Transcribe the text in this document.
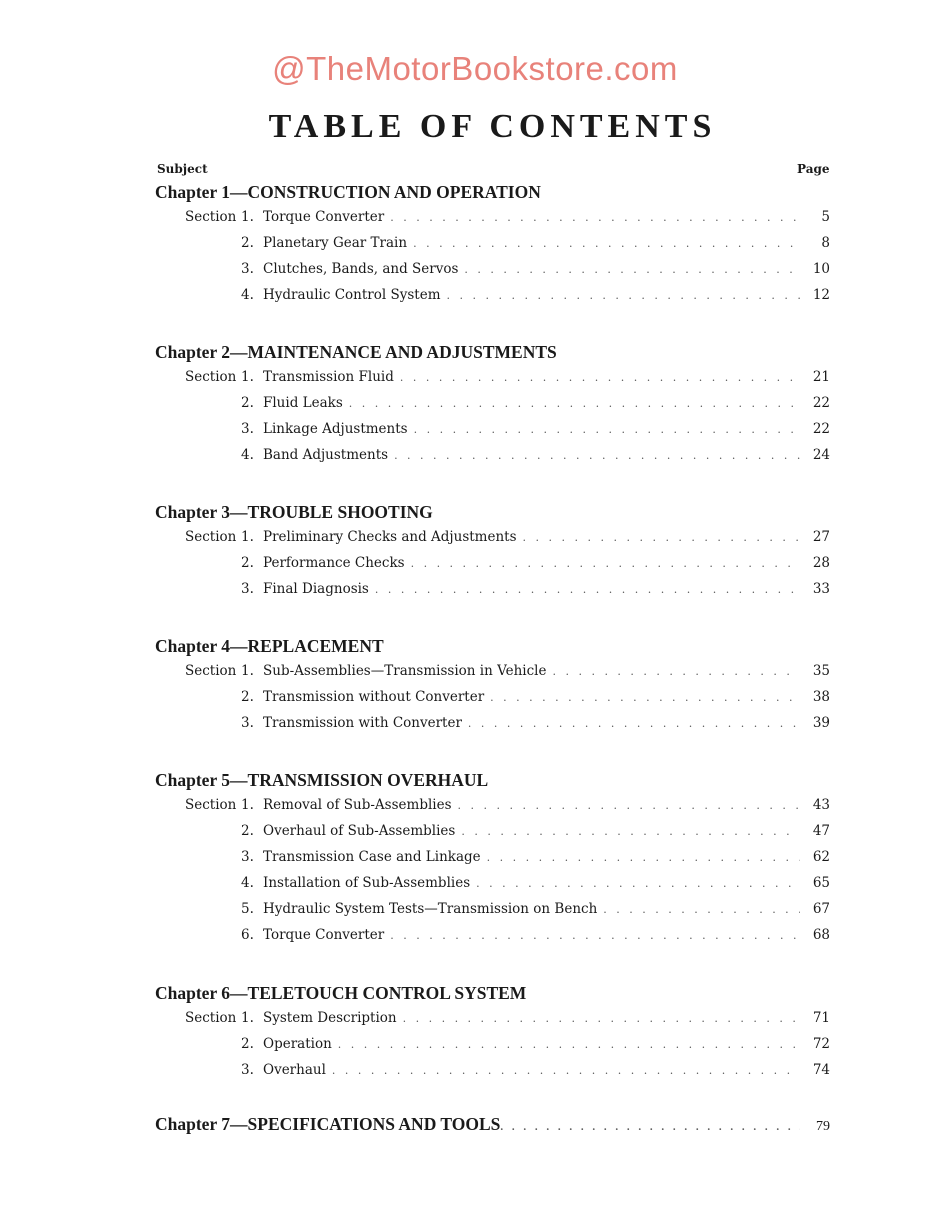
@TheMotorBookstore.com
TABLE OF CONTENTS
Subject	Page
Chapter 1—CONSTRUCTION AND OPERATION
Section 1. Torque Converter . . .	5
2. Planetary Gear Train . . .	8
3. Clutches, Bands, and Servos . . .	10
4. Hydraulic Control System . . .	12
Chapter 2—MAINTENANCE AND ADJUSTMENTS
Section 1. Transmission Fluid . . .	21
2. Fluid Leaks . . .	22
3. Linkage Adjustments . . .	22
4. Band Adjustments . . .	24
Chapter 3—TROUBLE SHOOTING
Section 1. Preliminary Checks and Adjustments . . .	27
2. Performance Checks . . .	28
3. Final Diagnosis . . .	33
Chapter 4—REPLACEMENT
Section 1. Sub-Assemblies—Transmission in Vehicle . . .	35
2. Transmission without Converter . . .	38
3. Transmission with Converter . . .	39
Chapter 5—TRANSMISSION OVERHAUL
Section 1. Removal of Sub-Assemblies . . .	43
2. Overhaul of Sub-Assemblies . . .	47
3. Transmission Case and Linkage . . .	62
4. Installation of Sub-Assemblies . . .	65
5. Hydraulic System Tests—Transmission on Bench . . .	67
6. Torque Converter . . .	68
Chapter 6—TELETOUCH CONTROL SYSTEM
Section 1. System Description . . .	71
2. Operation . . .	72
3. Overhaul . . .	74
Chapter 7—SPECIFICATIONS AND TOOLS . . .	79
